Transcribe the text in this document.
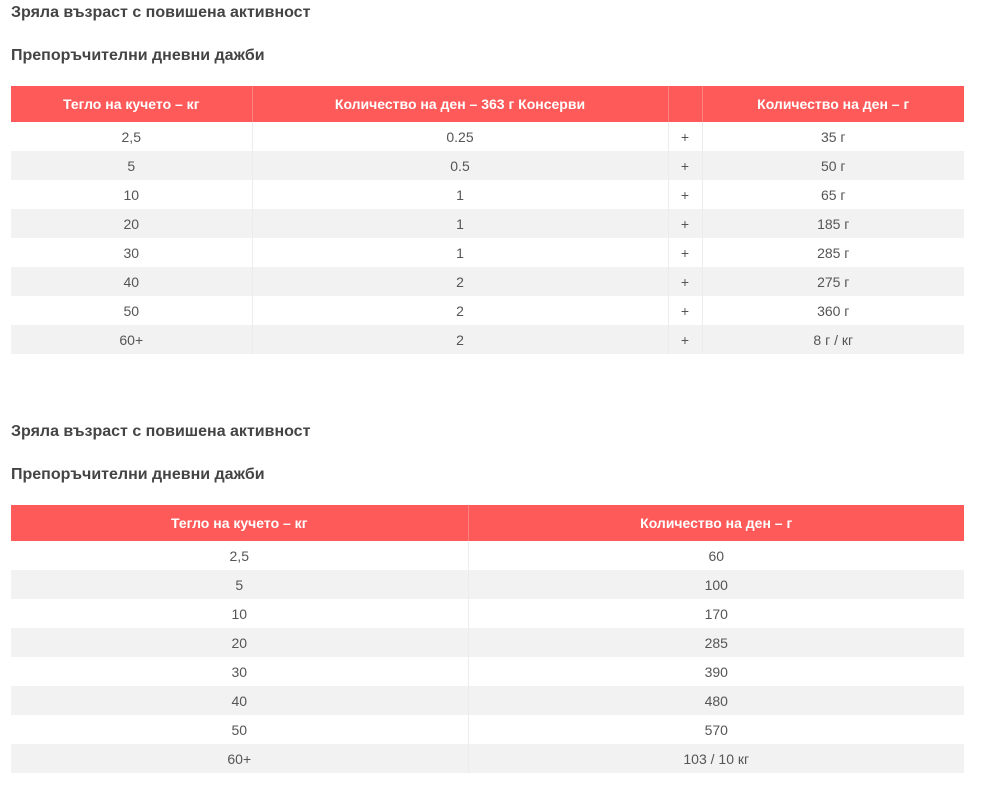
Зряла възраст с повишена активност
Препоръчителни дневни дажби
Тегло на кучето – кг	Количество на ден – 363 г Консерви		Количество на ден – г
2,5	0.25	+	35 г
5	0.5	+	50 г
10	1	+	65 г
20	1	+	185 г
30	1	+	285 г
40	2	+	275 г
50	2	+	360 г
60+	2	+	8 г / кг
Зряла възраст с повишена активност
Препоръчителни дневни дажби
Тегло на кучето – кг	Количество на ден – г
2,5	60
5	100
10	170
20	285
30	390
40	480
50	570
60+	103 / 10 кг
